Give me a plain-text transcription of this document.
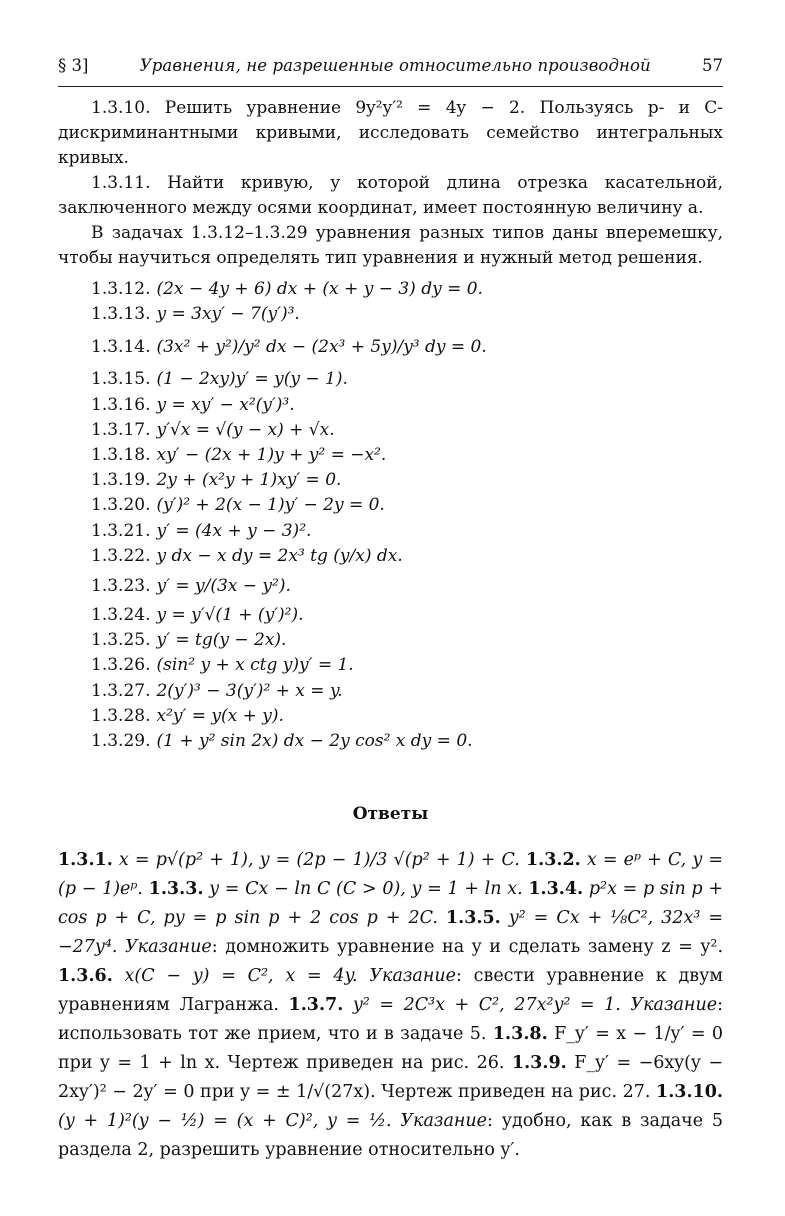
§ 3]	Уравнения, не разрешенные относительно производной	57

1.3.10. Решить уравнение 9y²y′² = 4y − 2. Пользуясь p- и C-дискриминантными кривыми, исследовать семейство интегральных кривых.

1.3.11. Найти кривую, у которой длина отрезка касательной, заключенного между осями координат, имеет постоянную величину a.

В задачах 1.3.12–1.3.29 уравнения разных типов даны вперемешку, чтобы научиться определять тип уравнения и нужный метод решения.

1.3.12. (2x − 4y + 6) dx + (x + y − 3) dy = 0.
1.3.13. y = 3xy′ − 7(y′)³.
1.3.14. (3x² + y²)/y² dx − (2x³ + 5y)/y³ dy = 0.
1.3.15. (1 − 2xy)y′ = y(y − 1).
1.3.16. y = xy′ − x²(y′)³.
1.3.17. y′√x = √(y − x) + √x.
1.3.18. xy′ − (2x + 1)y + y² = −x².
1.3.19. 2y + (x²y + 1)xy′ = 0.
1.3.20. (y′)² + 2(x − 1)y′ − 2y = 0.
1.3.21. y′ = (4x + y − 3)².
1.3.22. y dx − x dy = 2x³ tg (y/x) dx.
1.3.23. y′ = y/(3x − y²).
1.3.24. y = y′√(1 + (y′)²).
1.3.25. y′ = tg(y − 2x).
1.3.26. (sin² y + x ctg y)y′ = 1.
1.3.27. 2(y′)³ − 3(y′)² + x = y.
1.3.28. x²y′ = y(x + y).
1.3.29. (1 + y² sin 2x) dx − 2y cos² x dy = 0.
Ответы
1.3.1. x = p√(p² + 1), y = (2p − 1)/3 √(p² + 1) + C. 1.3.2. x = eᵖ + C, y = (p − 1)eᵖ. 1.3.3. y = Cx − ln C (C > 0), y = 1 + ln x. 1.3.4. p²x = p sin p + cos p + C, py = p sin p + 2 cos p + 2C. 1.3.5. y² = Cx + ⅛C², 32x³ = −27y⁴. Указание: домножить уравнение на y и сделать замену z = y². 1.3.6. x(C − y) = C², x = 4y. Указание: свести уравнение к двум уравнениям Лагранжа. 1.3.7. y² = 2C³x + C², 27x²y² = 1. Указание: использовать тот же прием, что и в задаче 5. 1.3.8. F_y′ = x − 1/y′ = 0 при y = 1 + ln x. Чертеж приведен на рис. 26. 1.3.9. F_y′ = −6xy(y − 2xy′)² − 2y′ = 0 при y = ± 1/√(27x). Чертеж приведен на рис. 27. 1.3.10. (y + 1)²(y − ½) = (x + C)², y = ½. Указание: удобно, как в задаче 5 раздела 2, разрешить уравнение относительно y′.
